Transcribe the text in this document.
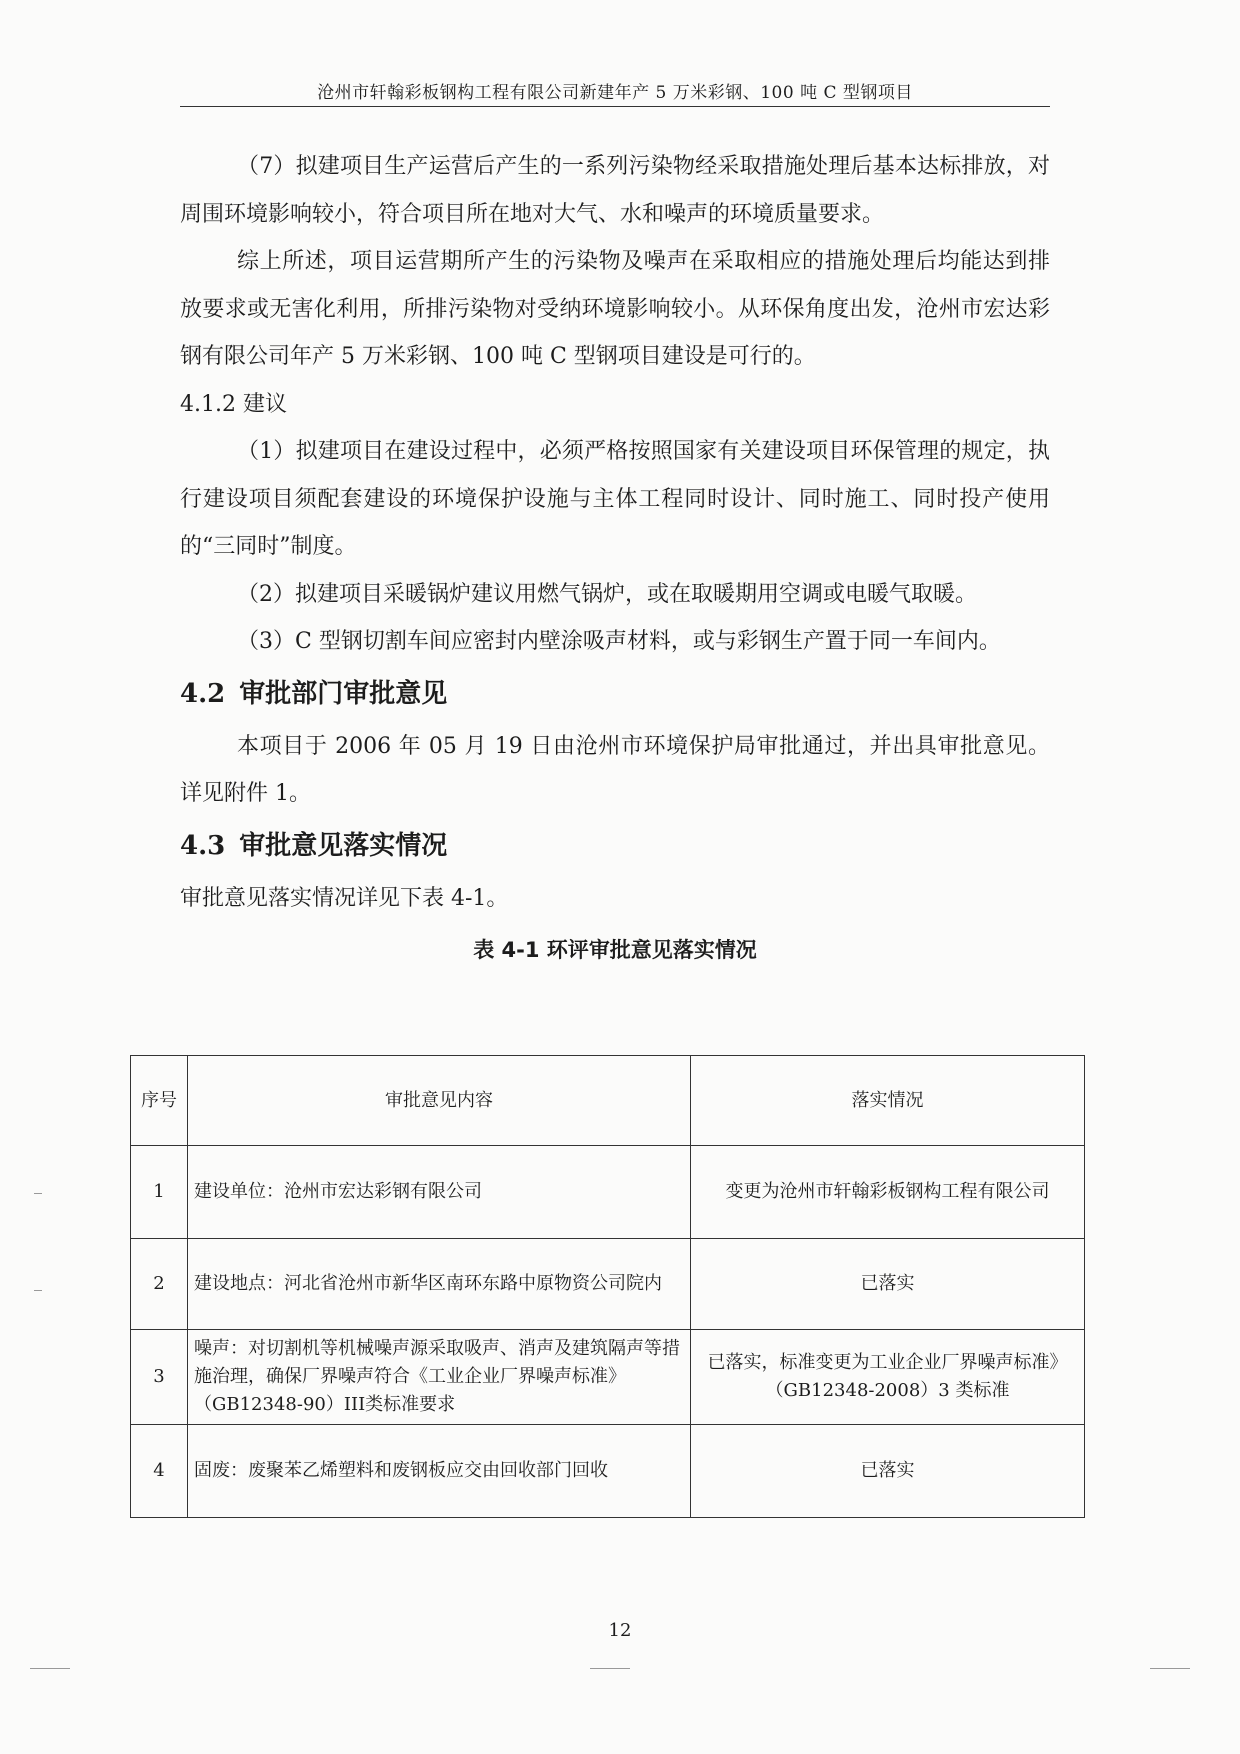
沧州市轩翰彩板钢构工程有限公司新建年产 5 万米彩钢、100 吨 C 型钢项目

（7）拟建项目生产运营后产生的一系列污染物经采取措施处理后基本达标排放，对周围环境影响较小，符合项目所在地对大气、水和噪声的环境质量要求。

综上所述，项目运营期所产生的污染物及噪声在采取相应的措施处理后均能达到排放要求或无害化利用，所排污染物对受纳环境影响较小。从环保角度出发，沧州市宏达彩钢有限公司年产 5 万米彩钢、100 吨 C 型钢项目建设是可行的。

4.1.2 建议

（1）拟建项目在建设过程中，必须严格按照国家有关建设项目环保管理的规定，执行建设项目须配套建设的环境保护设施与主体工程同时设计、同时施工、同时投产使用的“三同时”制度。

（2）拟建项目采暖锅炉建议用燃气锅炉，或在取暖期用空调或电暖气取暖。

（3）C 型钢切割车间应密封内壁涂吸声材料，或与彩钢生产置于同一车间内。

4.2 审批部门审批意见

本项目于 2006 年 05 月 19 日由沧州市环境保护局审批通过，并出具审批意见。详见附件 1。

4.3 审批意见落实情况

审批意见落实情况详见下表 4-1。

表 4-1 环评审批意见落实情况
序号	审批意见内容	落实情况
1	建设单位：沧州市宏达彩钢有限公司	变更为沧州市轩翰彩板钢构工程有限公司
2	建设地点：河北省沧州市新华区南环东路中原物资公司院内	已落实
3	噪声：对切割机等机械噪声源采取吸声、消声及建筑隔声等措施治理，确保厂界噪声符合《工业企业厂界噪声标准》（GB12348-90）III类标准要求	已落实，标准变更为工业企业厂界噪声标准》（GB12348-2008）3 类标准
4	固废：废聚苯乙烯塑料和废钢板应交由回收部门回收	已落实
12
